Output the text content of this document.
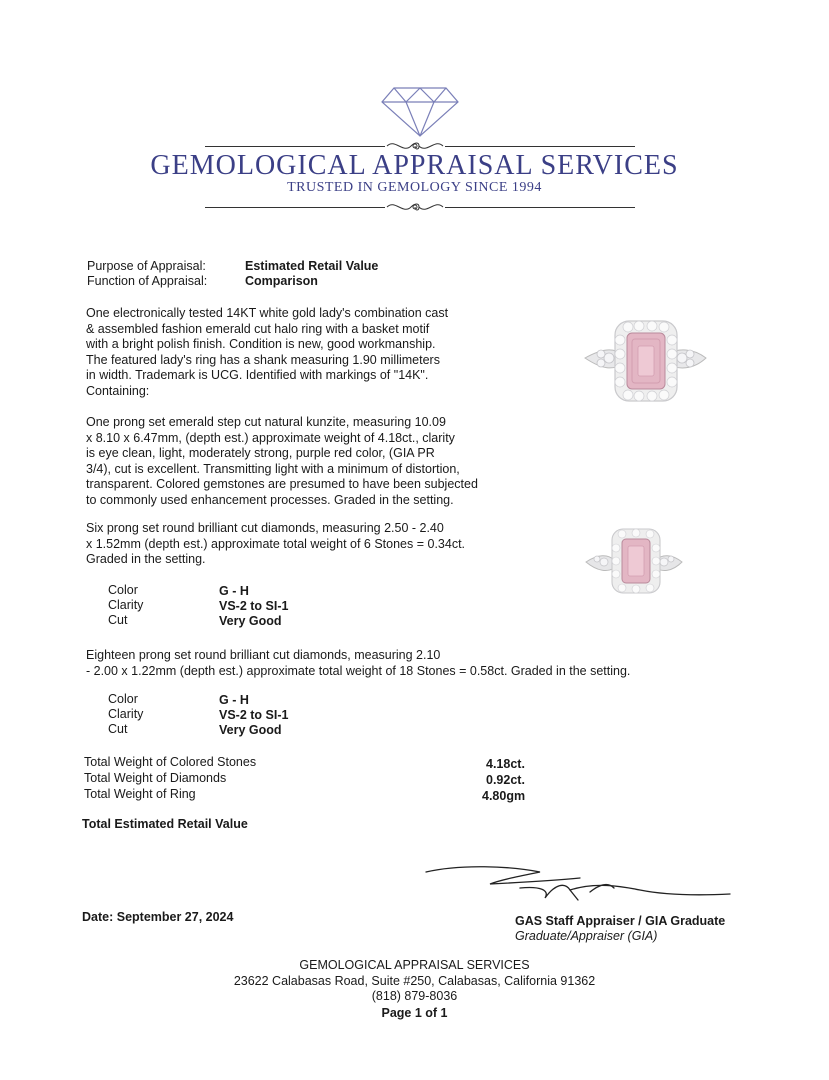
GEMOLOGICAL APPRAISAL SERVICES
TRUSTED IN GEMOLOGY SINCE 1994
Purpose of Appraisal:	Estimated Retail Value
Function of Appraisal:	Comparison
One electronically tested 14KT white gold lady's combination cast
& assembled fashion emerald cut halo ring with a basket motif
with a bright polish finish. Condition is new, good workmanship.
The featured lady's ring has a shank measuring 1.90 millimeters
in width. Trademark is UCG. Identified with markings of "14K".
Containing:
One prong set emerald step cut natural kunzite, measuring 10.09
x 8.10 x 6.47mm, (depth est.) approximate weight of 4.18ct., clarity
is eye clean, light, moderately strong, purple red color, (GIA PR
3/4), cut is excellent. Transmitting light with a minimum of distortion,
transparent. Colored gemstones are presumed to have been subjected
to commonly used enhancement processes. Graded in the setting.
Six prong set round brilliant cut diamonds, measuring 2.50 - 2.40
x 1.52mm (depth est.) approximate total weight of 6 Stones = 0.34ct.
Graded in the setting.
Color	G - H
Clarity	VS-2 to SI-1
Cut	Very Good
Eighteen prong set round brilliant cut diamonds, measuring 2.10
- 2.00 x 1.22mm (depth est.) approximate total weight of 18 Stones = 0.58ct. Graded in the setting.
Color	G - H
Clarity	VS-2 to SI-1
Cut	Very Good
Total Weight of Colored Stones	4.18ct.
Total Weight of Diamonds	0.92ct.
Total Weight of Ring	4.80gm
Total Estimated Retail Value
Date: September 27, 2024	GAS Staff Appraiser / GIA Graduate
Graduate/Appraiser (GIA)
GEMOLOGICAL APPRAISAL SERVICES
23622 Calabasas Road, Suite #250, Calabasas, California 91362
(818) 879-8036
Page 1 of 1
